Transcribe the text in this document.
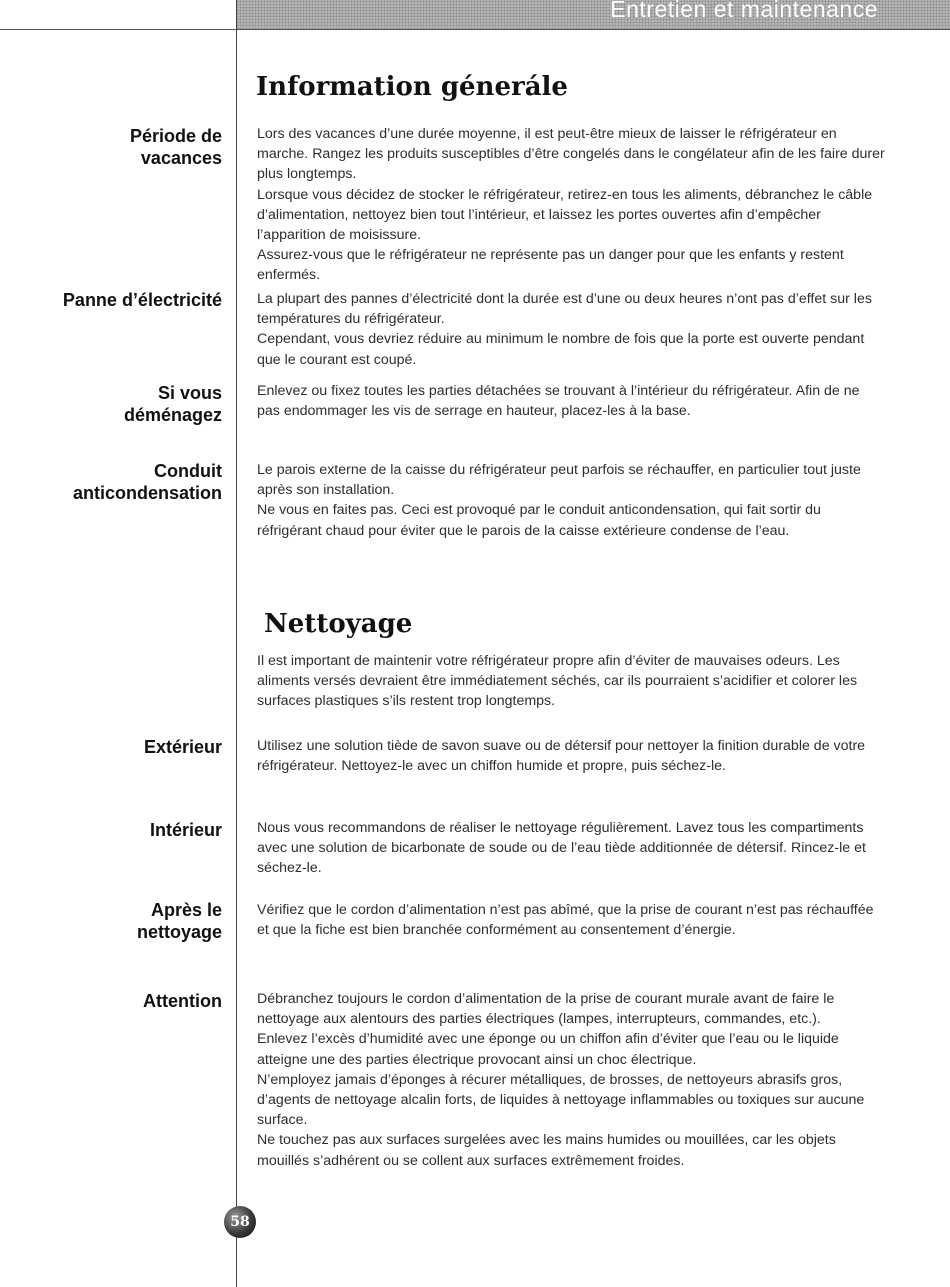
Entretien et maintenance
Information génerále
Période de
vacances

Lors des vacances d’une durée moyenne, il est peut-être mieux de laisser le réfrigérateur en marche. Rangez les produits susceptibles d’être congelés dans le congélateur afin de les faire durer plus longtemps.

Lorsque vous décidez de stocker le réfrigérateur, retirez-en tous les aliments, débranchez le câble d’alimentation, nettoyez bien tout l’intérieur, et laissez les portes ouvertes afin d’empêcher l’apparition de moisissure.

Assurez-vous que le réfrigérateur ne représente pas un danger pour que les enfants y restent enfermés.

Panne d’électricité La plupart des pannes d’électricité dont la durée est d’une ou deux heures n’ont pas d’effet sur les températures du réfrigérateur.

Cependant, vous devriez réduire au minimum le nombre de fois que la porte est ouverte pendant que le courant est coupé.

Si vous
déménagez

Enlevez ou fixez toutes les parties détachées se trouvant à l’intérieur du réfrigérateur. Afin de ne pas endommager les vis de serrage en hauteur, placez-les à la base.

Conduit
anticondensation

Le parois externe de la caisse du réfrigérateur peut parfois se réchauffer, en particulier tout juste après son installation.

Ne vous en faites pas. Ceci est provoqué par le conduit anticondensation, qui fait sortir du réfrigérant chaud pour éviter que le parois de la caisse extérieure condense de l’eau.

Nettoyage

Il est important de maintenir votre réfrigérateur propre afin d’éviter de mauvaises odeurs. Les aliments versés devraient être immédiatement séchés, car ils pourraient s’acidifier et colorer les surfaces plastiques s’ils restent trop longtemps.

Extérieur Utilisez une solution tiède de savon suave ou de détersif pour nettoyer la finition durable de votre réfrigérateur. Nettoyez-le avec un chiffon humide et propre, puis séchez-le.

Intérieur Nous vous recommandons de réaliser le nettoyage régulièrement. Lavez tous les compartiments avec une solution de bicarbonate de soude ou de l’eau tiède additionnée de détersif. Rincez-le et séchez-le.

Après le
nettoyage

Vérifiez que le cordon d’alimentation n’est pas abîmé, que la prise de courant n’est pas réchauffée et que la fiche est bien branchée conformément au consentement d’énergie.

Attention Débranchez toujours le cordon d’alimentation de la prise de courant murale avant de faire le nettoyage aux alentours des parties électriques (lampes, interrupteurs, commandes, etc.).

Enlevez l’excès d’humidité avec une éponge ou un chiffon afin d’éviter que l’eau ou le liquide atteigne une des parties électrique provocant ainsi un choc électrique.

N’employez jamais d’éponges à récurer métalliques, de brosses, de nettoyeurs abrasifs gros, d’agents de nettoyage alcalin forts, de liquides à nettoyage inflammables ou toxiques sur aucune surface.

Ne touchez pas aux surfaces surgelées avec les mains humides ou mouillées, car les objets mouillés s’adhérent ou se collent aux surfaces extrêmement froides.

58
